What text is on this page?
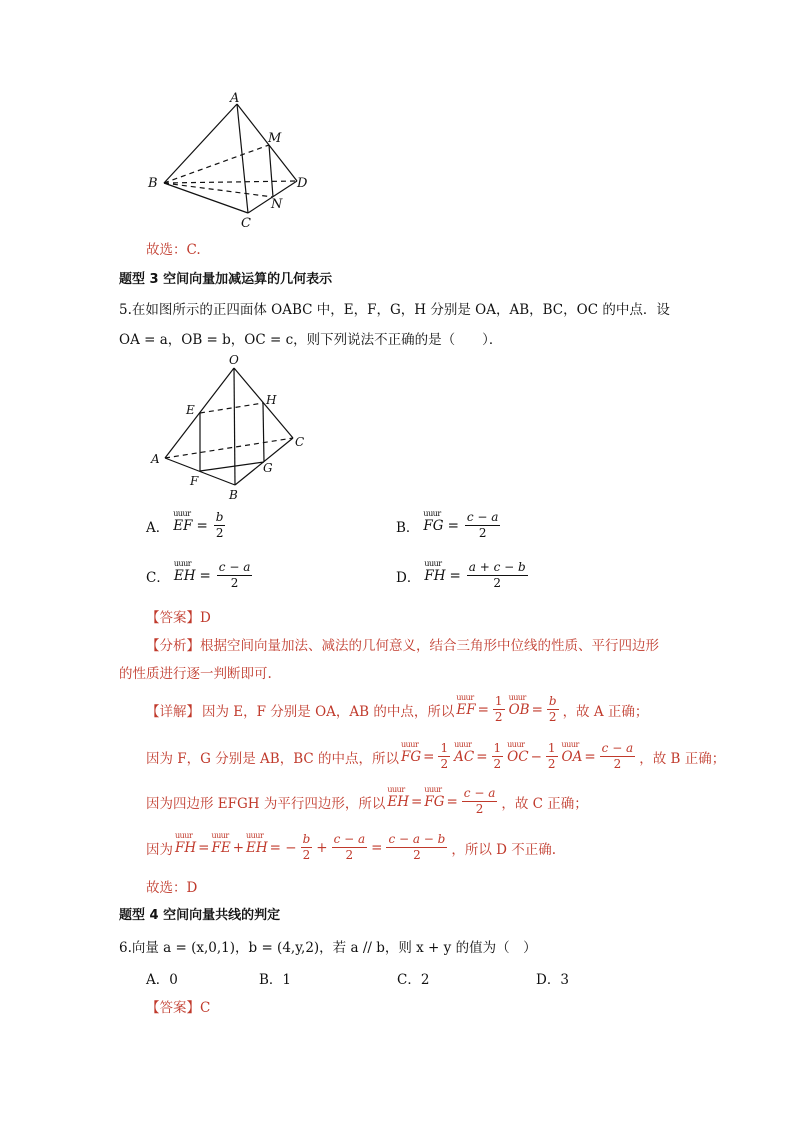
A
M
B	D
N
C
故选：C.
题型 3 空间向量加减运算的几何表示
5.在如图所示的正四面体 OABC 中，E，F，G，H 分别是 OA，AB，BC，OC 的中点．设
OA = a，OB = b，OC = c，则下列说法不正确的是（　　）．
O
E
H
C
A
F
G
B
A． uuur EF = $\frac{b}{2}$	B． uuur FG = $\frac{c - a}{2}$
C． uuur EH = $\frac{c - a}{2}$	D． uuur FH = $\frac{a + c - b}{2}$
【答案】D
【分析】根据空间向量加法、减法的几何意义，结合三角形中位线的性质、平行四边形
的性质进行逐一判断即可.
【详解】 因为 E，F 分别是 OA，AB 的中点，所以 uuur EF = $\frac{1}{2}$ uuur OB = $\frac{b}{2}$ ，故 A 正确；
因为 F，G 分别是 AB，BC 的中点，所以 uuur FG = $\frac{1}{2}$ uuur AC = $\frac{1}{2}$ uuur OC − $\frac{1}{2}$ uuur OA = $\frac{c - a}{2}$ ，故 B 正确；
因为四边形 EFGH 为平行四边形，所以 uuur EH = uuur FG = $\frac{c - a}{2}$ ，故 C 正确；
因为 uuur FH = uuur FE + uuur EH = − $\frac{b}{2} + \frac{c - a}{2} = \frac{c - a - b}{2}$ ，所以 D 不正确.
故选：D
题型 4 空间向量共线的判定
6.向量 a = (x,0,1)，b = (4,y,2)，若 a // b，则 x + y 的值为（　）
A．0	B．1	C．2	D．3
【答案】C
